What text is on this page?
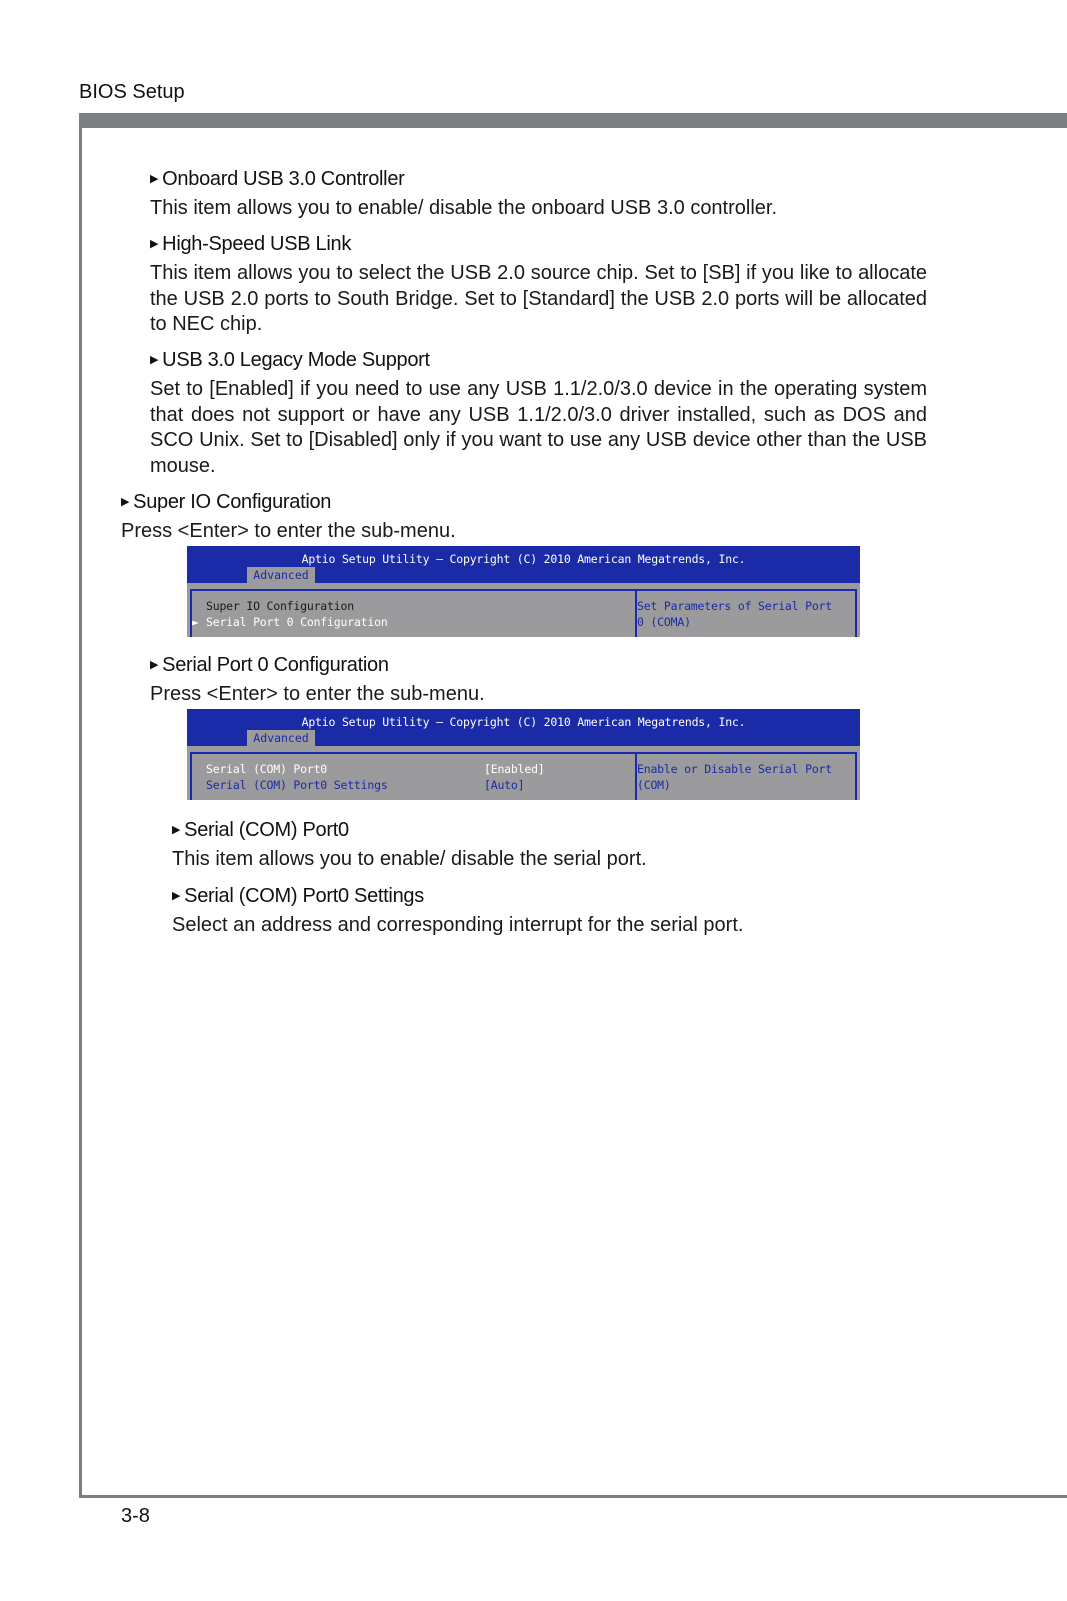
BIOS Setup
▶ Onboard USB 3.0 Controller
This item allows you to enable/ disable the onboard USB 3.0 controller.
▶ High-Speed USB Link
This item allows you to select the USB 2.0 source chip. Set to [SB] if you like to allocate the USB 2.0 ports to South Bridge. Set to [Standard] the USB 2.0 ports will be allocated to NEC chip.
▶ USB 3.0 Legacy Mode Support
Set to [Enabled] if you need to use any USB 1.1/2.0/3.0 device in the operating system that does not support or have any USB 1.1/2.0/3.0 driver installed, such as DOS and SCO Unix. Set to [Disabled] only if you want to use any USB device other than the USB mouse.
▶ Super IO Configuration
Press <Enter> to enter the sub-menu.
Aptio Setup Utility – Copyright (C) 2010 American Megatrends, Inc.
Advanced
Super IO Configuration
► Serial Port 0 Configuration
Set Parameters of Serial Port
0 (COMA)
▶ Serial Port 0 Configuration
Press <Enter> to enter the sub-menu.
Aptio Setup Utility – Copyright (C) 2010 American Megatrends, Inc.
Advanced
Serial (COM) Port0	[Enabled]
Serial (COM) Port0 Settings	[Auto]
Enable or Disable Serial Port
(COM)
▶ Serial (COM) Port0
This item allows you to enable/ disable the serial port.
▶ Serial (COM) Port0 Settings
Select an address and corresponding interrupt for the serial port.
3-8
